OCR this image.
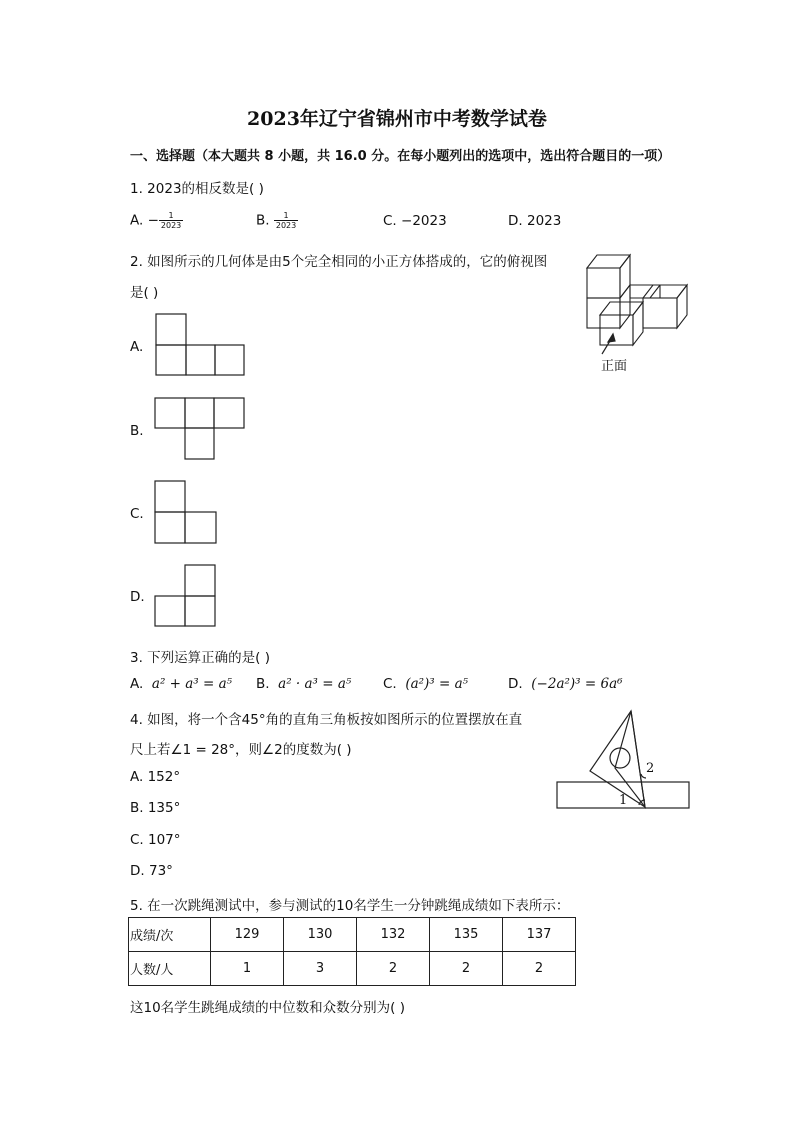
2023年辽宁省锦州市中考数学试卷
一、选择题（本大题共 8 小题，共 16.0 分。在每小题列出的选项中，选出符合题目的一项）
1. 2023的相反数是( )
A. − $\frac{1}{2023}$	B. $\frac{1}{2023}$	C. −2023	D. 2023
2. 如图所示的几何体是由5个完全相同的小正方体搭成的，它的俯视图
是( )
正面
A.
B.
C.
D.
3. 下列运算正确的是( )
A. a² + a³ = a⁵ B. a² · a³ = a⁵ C. (a²)³ = a⁵	D. (−2a²)³ = 6a⁶
4. 如图，将一个含45°角的直角三角板按如图所示的位置摆放在直
尺上若∠1 = 28°，则∠2的度数为( )
2
1
A. 152°
B. 135°
C. 107°
D. 73°
5. 在一次跳绳测试中，参与测试的10名学生一分钟跳绳成绩如下表所示：
成绩/次	129	130	132	135	137
人数/人	1	3	2	2	2
这10名学生跳绳成绩的中位数和众数分别为( )
